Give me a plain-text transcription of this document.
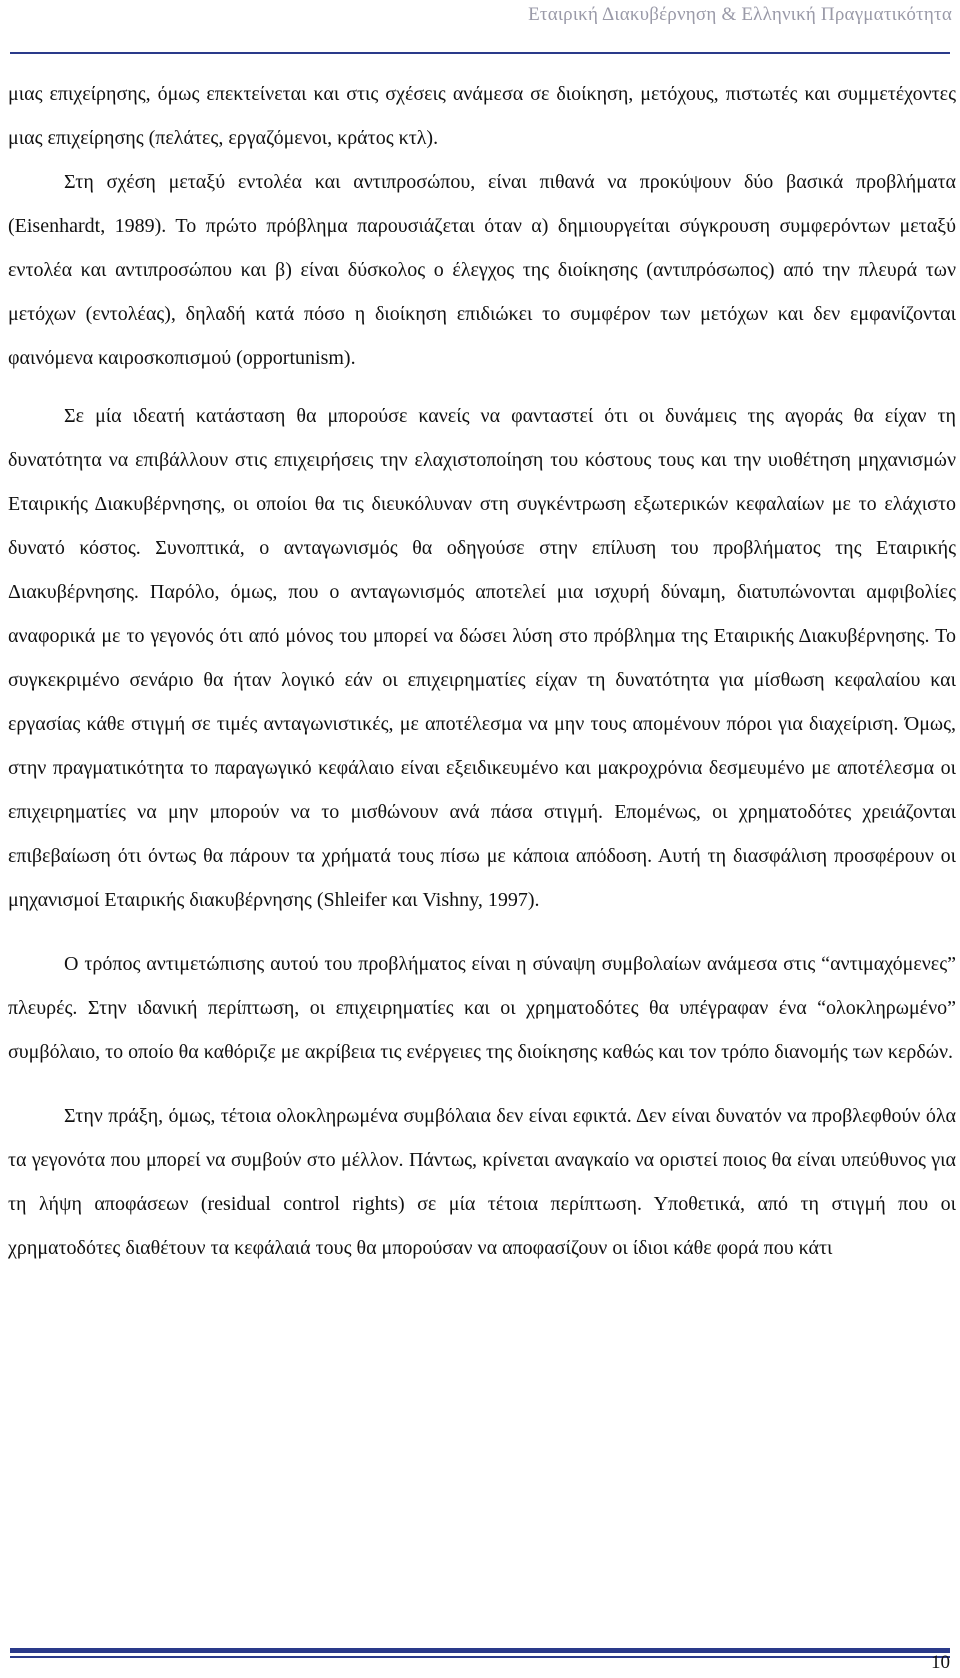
Εταιρική Διακυβέρνηση & Ελληνική Πραγματικότητα

μιας επιχείρησης, όμως επεκτείνεται και στις σχέσεις ανάμεσα σε διοίκηση, μετόχους, πιστωτές και συμμετέχοντες μιας επιχείρησης (πελάτες, εργαζόμενοι, κράτος κτλ).

Στη σχέση μεταξύ εντολέα και αντιπροσώπου, είναι πιθανά να προκύψουν δύο βασικά προβλήματα (Eisenhardt, 1989). Το πρώτο πρόβλημα παρουσιάζεται όταν α) δημιουργείται σύγκρουση συμφερόντων μεταξύ εντολέα και αντιπροσώπου και β) είναι δύσκολος ο έλεγχος της διοίκησης (αντιπρόσωπος) από την πλευρά των μετόχων (εντολέας), δηλαδή κατά πόσο η διοίκηση επιδιώκει το συμφέρον των μετόχων και δεν εμφανίζονται φαινόμενα καιροσκοπισμού (opportunism).

Σε μία ιδεατή κατάσταση θα μπορούσε κανείς να φανταστεί ότι οι δυνάμεις της αγοράς θα είχαν τη δυνατότητα να επιβάλλουν στις επιχειρήσεις την ελαχιστοποίηση του κόστους τους και την υιοθέτηση μηχανισμών Εταιρικής Διακυβέρνησης, οι οποίοι θα τις διευκόλυναν στη συγκέντρωση εξωτερικών κεφαλαίων με το ελάχιστο δυνατό κόστος. Συνοπτικά, ο ανταγωνισμός θα οδηγούσε στην επίλυση του προβλήματος της Εταιρικής Διακυβέρνησης. Παρόλο, όμως, που ο ανταγωνισμός αποτελεί μια ισχυρή δύναμη, διατυπώνονται αμφιβολίες αναφορικά με το γεγονός ότι από μόνος του μπορεί να δώσει λύση στο πρόβλημα της Εταιρικής Διακυβέρνησης. Το συγκεκριμένο σενάριο θα ήταν λογικό εάν οι επιχειρηματίες είχαν τη δυνατότητα για μίσθωση κεφαλαίου και εργασίας κάθε στιγμή σε τιμές ανταγωνιστικές, με αποτέλεσμα να μην τους απομένουν πόροι για διαχείριση. Όμως, στην πραγματικότητα το παραγωγικό κεφάλαιο είναι εξειδικευμένο και μακροχρόνια δεσμευμένο με αποτέλεσμα οι επιχειρηματίες να μην μπορούν να το μισθώνουν ανά πάσα στιγμή. Επομένως, οι χρηματοδότες χρειάζονται επιβεβαίωση ότι όντως θα πάρουν τα χρήματά τους πίσω με κάποια απόδοση. Αυτή τη διασφάλιση προσφέρουν οι μηχανισμοί Εταιρικής διακυβέρνησης (Shleifer και Vishny, 1997).

Ο τρόπος αντιμετώπισης αυτού του προβλήματος είναι η σύναψη συμβολαίων ανάμεσα στις “αντιμαχόμενες” πλευρές. Στην ιδανική περίπτωση, οι επιχειρηματίες και οι χρηματοδότες θα υπέγραφαν ένα “ολοκληρωμένο” συμβόλαιο, το οποίο θα καθόριζε με ακρίβεια τις ενέργειες της διοίκησης καθώς και τον τρόπο διανομής των κερδών.

Στην πράξη, όμως, τέτοια ολοκληρωμένα συμβόλαια δεν είναι εφικτά. Δεν είναι δυνατόν να προβλεφθούν όλα τα γεγονότα που μπορεί να συμβούν στο μέλλον. Πάντως, κρίνεται αναγκαίο να οριστεί ποιος θα είναι υπεύθυνος για τη λήψη αποφάσεων (residual control rights) σε μία τέτοια περίπτωση. Υποθετικά, από τη στιγμή που οι χρηματοδότες διαθέτουν τα κεφάλαιά τους θα μπορούσαν να αποφασίζουν οι ίδιοι κάθε φορά που κάτι

10
